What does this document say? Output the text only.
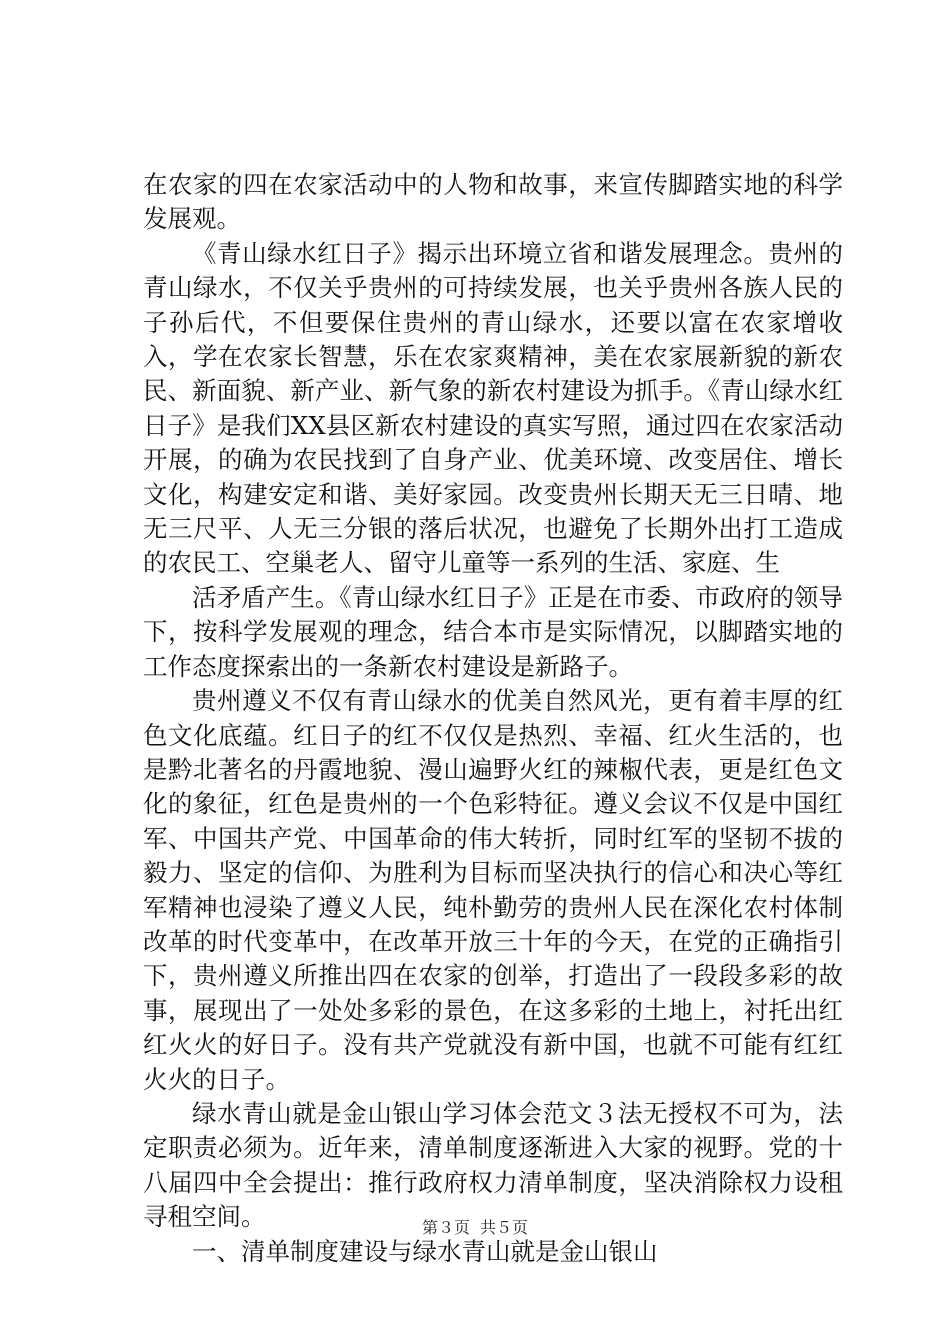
在农家的四在农家活动中的人物和故事，来宣传脚踏实地的科学发展观。

《青山绿水红日子》揭示出环境立省和谐发展理念。贵州的青山绿水，不仅关乎贵州的可持续发展，也关乎贵州各族人民的子孙后代，不但要保住贵州的青山绿水，还要以富在农家增收入，学在农家长智慧，乐在农家爽精神，美在农家展新貌的新农民、新面貌、新产业、新气象的新农村建设为抓手。《青山绿水红日子》是我们XX县区新农村建设的真实写照，通过四在农家活动开展，的确为农民找到了自身产业、优美环境、改变居住、增长文化，构建安定和谐、美好家园。改变贵州长期天无三日晴、地无三尺平、人无三分银的落后状况，也避免了长期外出打工造成的农民工、空巢老人、留守儿童等一系列的生活、家庭、生

活矛盾产生。《青山绿水红日子》正是在市委、市政府的领导下，按科学发展观的理念，结合本市是实际情况，以脚踏实地的工作态度探索出的一条新农村建设是新路子。

贵州遵义不仅有青山绿水的优美自然风光，更有着丰厚的红色文化底蕴。红日子的红不仅仅是热烈、幸福、红火生活的，也是黔北著名的丹霞地貌、漫山遍野火红的辣椒代表，更是红色文化的象征，红色是贵州的一个色彩特征。遵义会议不仅是中国红军、中国共产党、中国革命的伟大转折，同时红军的坚韧不拔的毅力、坚定的信仰、为胜利为目标而坚决执行的信心和决心等红军精神也浸染了遵义人民，纯朴勤劳的贵州人民在深化农村体制改革的时代变革中，在改革开放三十年的今天，在党的正确指引下，贵州遵义所推出四在农家的创举，打造出了一段段多彩的故事，展现出了一处处多彩的景色，在这多彩的土地上，衬托出红红火火的好日子。没有共产党就没有新中国，也就不可能有红红火火的日子。

绿水青山就是金山银山学习体会范文３法无授权不可为，法定职责必须为。近年来，清单制度逐渐进入大家的视野。党的十八届四中全会提出：推行政府权力清单制度，坚决消除权力设租寻租空间。

一、清单制度建设与绿水青山就是金山银山

第３页 共５页
